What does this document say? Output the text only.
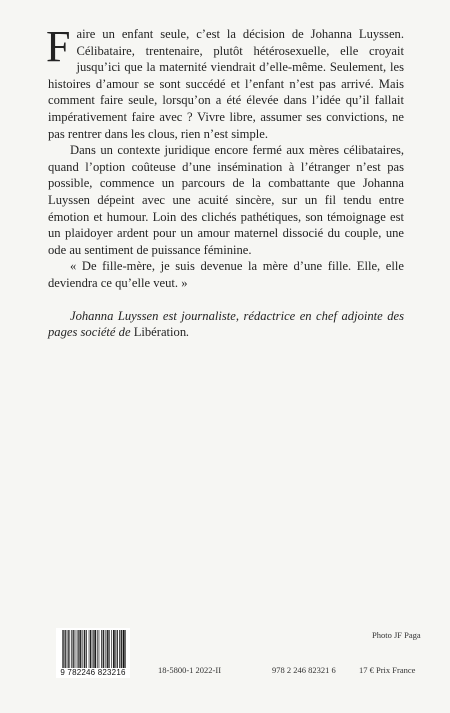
Faire un enfant seule, c’est la décision de Johanna Luyssen. Célibataire, trentenaire, plutôt hétérosexuelle, elle croyait jusqu’ici que la maternité viendrait d’elle-même. Seulement, les histoires d’amour se sont succédé et l’enfant n’est pas arrivé. Mais comment faire seule, lorsqu’on a été élevée dans l’idée qu’il fallait impérativement faire avec ? Vivre libre, assumer ses convictions, ne pas rentrer dans les clous, rien n’est simple.

Dans un contexte juridique encore fermé aux mères célibataires, quand l’option coûteuse d’une insémination à l’étranger n’est pas possible, commence un parcours de la combattante que Johanna Luyssen dépeint avec une acuité sincère, sur un fil tendu entre émotion et humour. Loin des clichés pathétiques, son témoignage est un plaidoyer ardent pour un amour maternel dissocié du couple, une ode au sentiment de puissance féminine.

« De fille-mère, je suis devenue la mère d’une fille. Elle, elle deviendra ce qu’elle veut. »

Johanna Luyssen est journaliste, rédactrice en chef adjointe des pages société de Libération.

Photo JF Paga
9 782246 823216	18-5800-1 2022-II	978 2 246 82321 6	17 € Prix France
